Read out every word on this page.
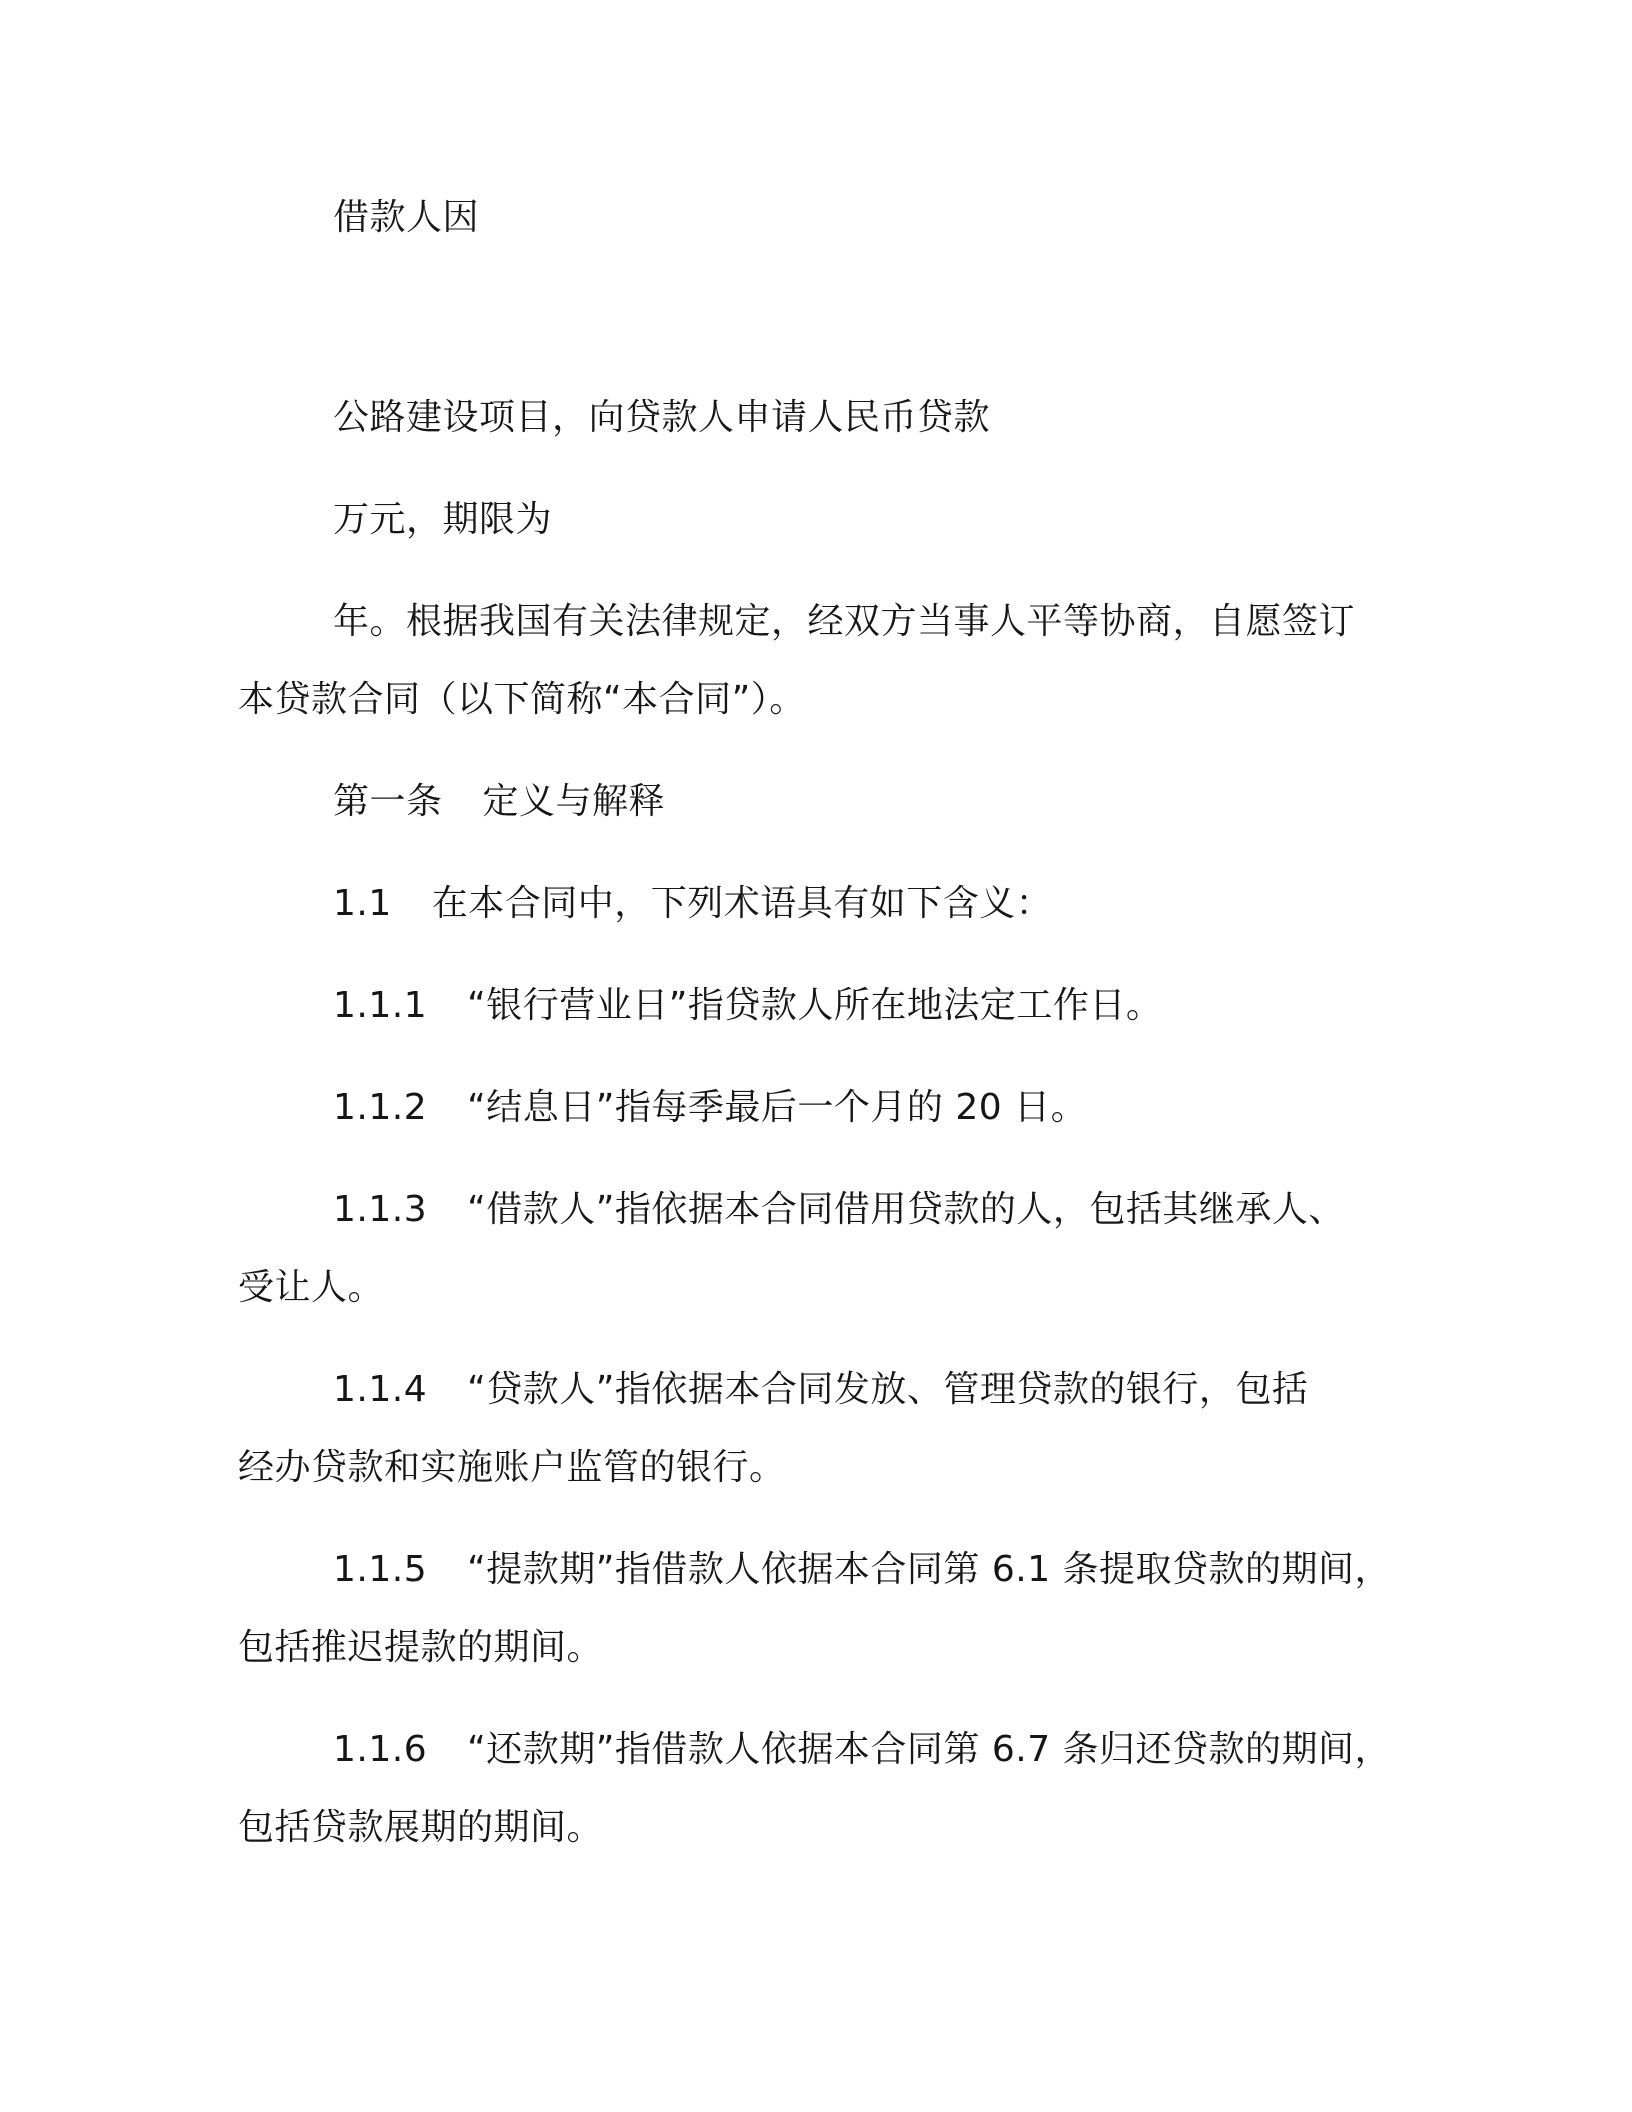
借款人因
公路建设项目，向贷款人申请人民币贷款
万元，期限为
年。根据我国有关法律规定，经双方当事人平等协商，自愿签订
本贷款合同（以下简称“本合同”）。
第一条 定义与解释
1.1 在本合同中，下列术语具有如下含义：
1.1.1 “银行营业日”指贷款人所在地法定工作日。
1.1.2 “结息日”指每季最后一个月的 20 日。
1.1.3 “借款人”指依据本合同借用贷款的人，包括其继承人、
受让人。
1.1.4 “贷款人”指依据本合同发放、管理贷款的银行，包括
经办贷款和实施账户监管的银行。
1.1.5 “提款期”指借款人依据本合同第 6.1 条提取贷款的期间，
包括推迟提款的期间。
1.1.6 “还款期”指借款人依据本合同第 6.7 条归还贷款的期间，
包括贷款展期的期间。
